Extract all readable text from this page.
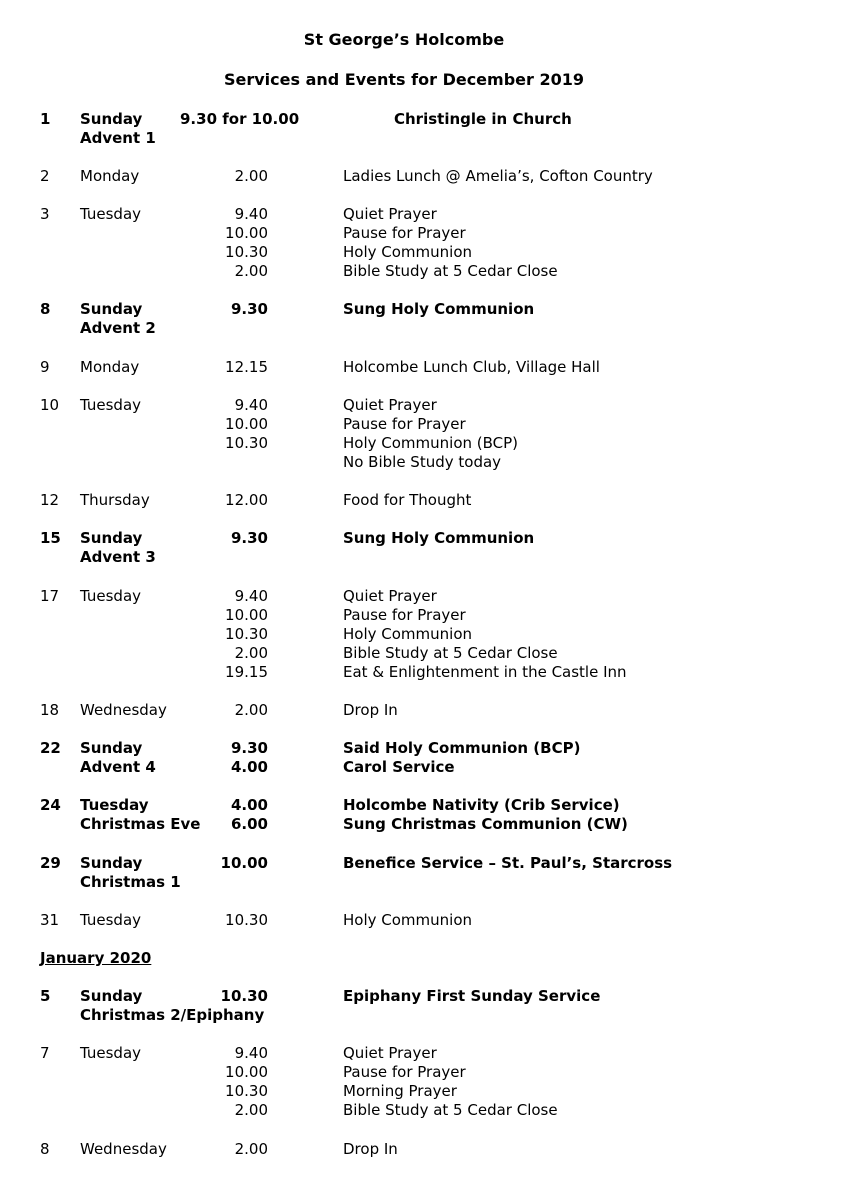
St George’s Holcombe
Services and Events for December 2019
1 Sunday	9.30 for 10.00	Christingle in Church
Advent 1
2 Monday	2.00	Ladies Lunch @ Amelia’s, Cofton Country
3 Tuesday	9.40	Quiet Prayer
10.00	Pause for Prayer
10.30	Holy Communion
2.00	Bible Study at 5 Cedar Close
8 Sunday	9.30	Sung Holy Communion
Advent 2
9 Monday	12.15	Holcombe Lunch Club, Village Hall
10 Tuesday	9.40	Quiet Prayer
10.00	Pause for Prayer
10.30	Holy Communion (BCP)
No Bible Study today
12 Thursday	12.00	Food for Thought
15 Sunday	9.30	Sung Holy Communion
Advent 3
17 Tuesday	9.40	Quiet Prayer
10.00	Pause for Prayer
10.30	Holy Communion
2.00	Bible Study at 5 Cedar Close
19.15	Eat & Enlightenment in the Castle Inn
18 Wednesday	2.00	Drop In
22 Sunday	9.30	Said Holy Communion (BCP)
Advent 4	4.00	Carol Service
24 Tuesday	4.00	Holcombe Nativity (Crib Service)
Christmas Eve	6.00	Sung Christmas Communion (CW)
29 Sunday	10.00	Benefice Service – St. Paul’s, Starcross
Christmas 1
31 Tuesday	10.30	Holy Communion
5 Sunday	10.30	Epiphany First Sunday Service
Christmas 2/Epiphany
7 Tuesday	9.40	Quiet Prayer
10.00	Pause for Prayer
10.30	Morning Prayer
2.00	Bible Study at 5 Cedar Close
8 Wednesday	2.00	Drop In
January 2020
